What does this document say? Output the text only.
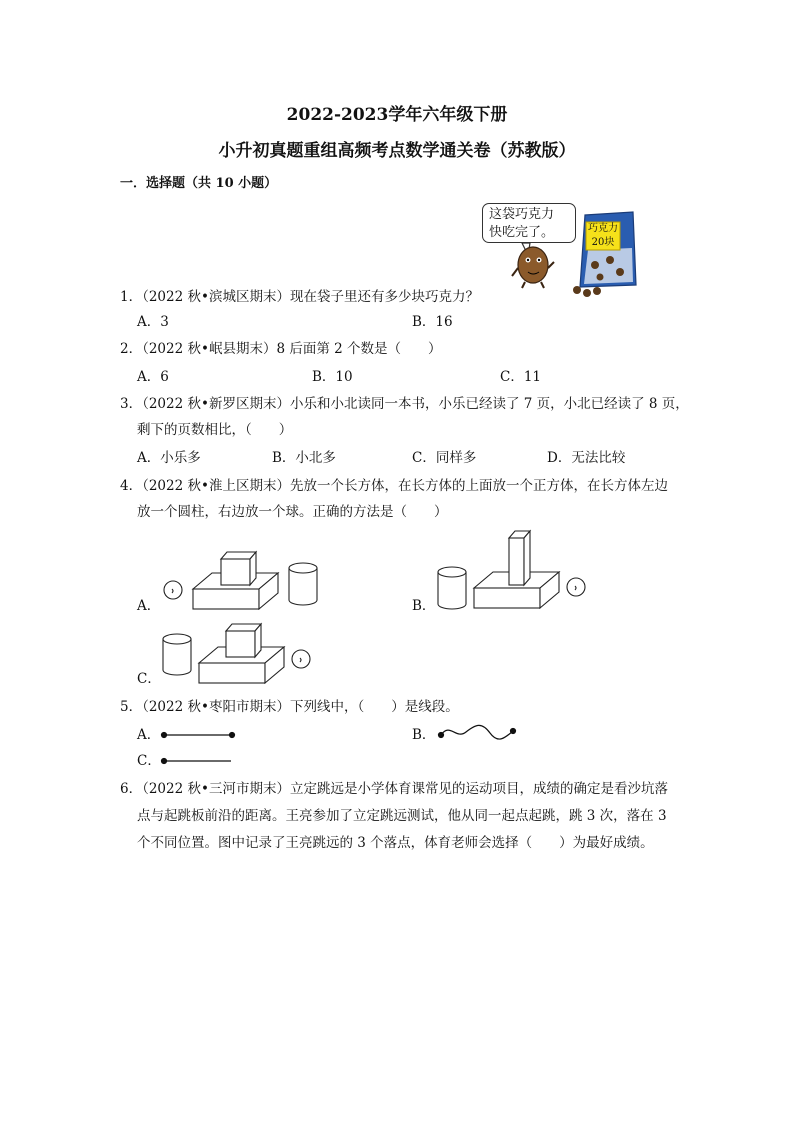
2022-2023学年六年级下册
小升初真题重组高频考点数学通关卷（苏教版）
一．选择题（共 10 小题）
这袋巧克力
快吃完了。	巧克力
20块
1．（2022 秋•滨城区期末）现在袋子里还有多少块巧克力？
A．3	B．16
2．（2022 秋•岷县期末）8 后面第 2 个数是（　　）
A．6	B．10	C．11
3．（2022 秋•新罗区期末）小乐和小北读同一本书，小乐已经读了 7 页，小北已经读了 8 页，
剩下的页数相比，（　　）
A．小乐多	B．小北多	C．同样多	D．无法比较
4．（2022 秋•淮上区期末）先放一个长方体，在长方体的上面放一个正方体，在长方体左边
放一个圆柱，右边放一个球。正确的方法是（　　）
A．	B．
C．
5．（2022 秋•枣阳市期末）下列线中，（　　）是线段。
A．	B．
C．
6．（2022 秋•三河市期末）立定跳远是小学体育课常见的运动项目，成绩的确定是看沙坑落
点与起跳板前沿的距离。王亮参加了立定跳远测试，他从同一起点起跳，跳 3 次，落在 3
个不同位置。图中记录了王亮跳远的 3 个落点，体育老师会选择（　　）为最好成绩。
